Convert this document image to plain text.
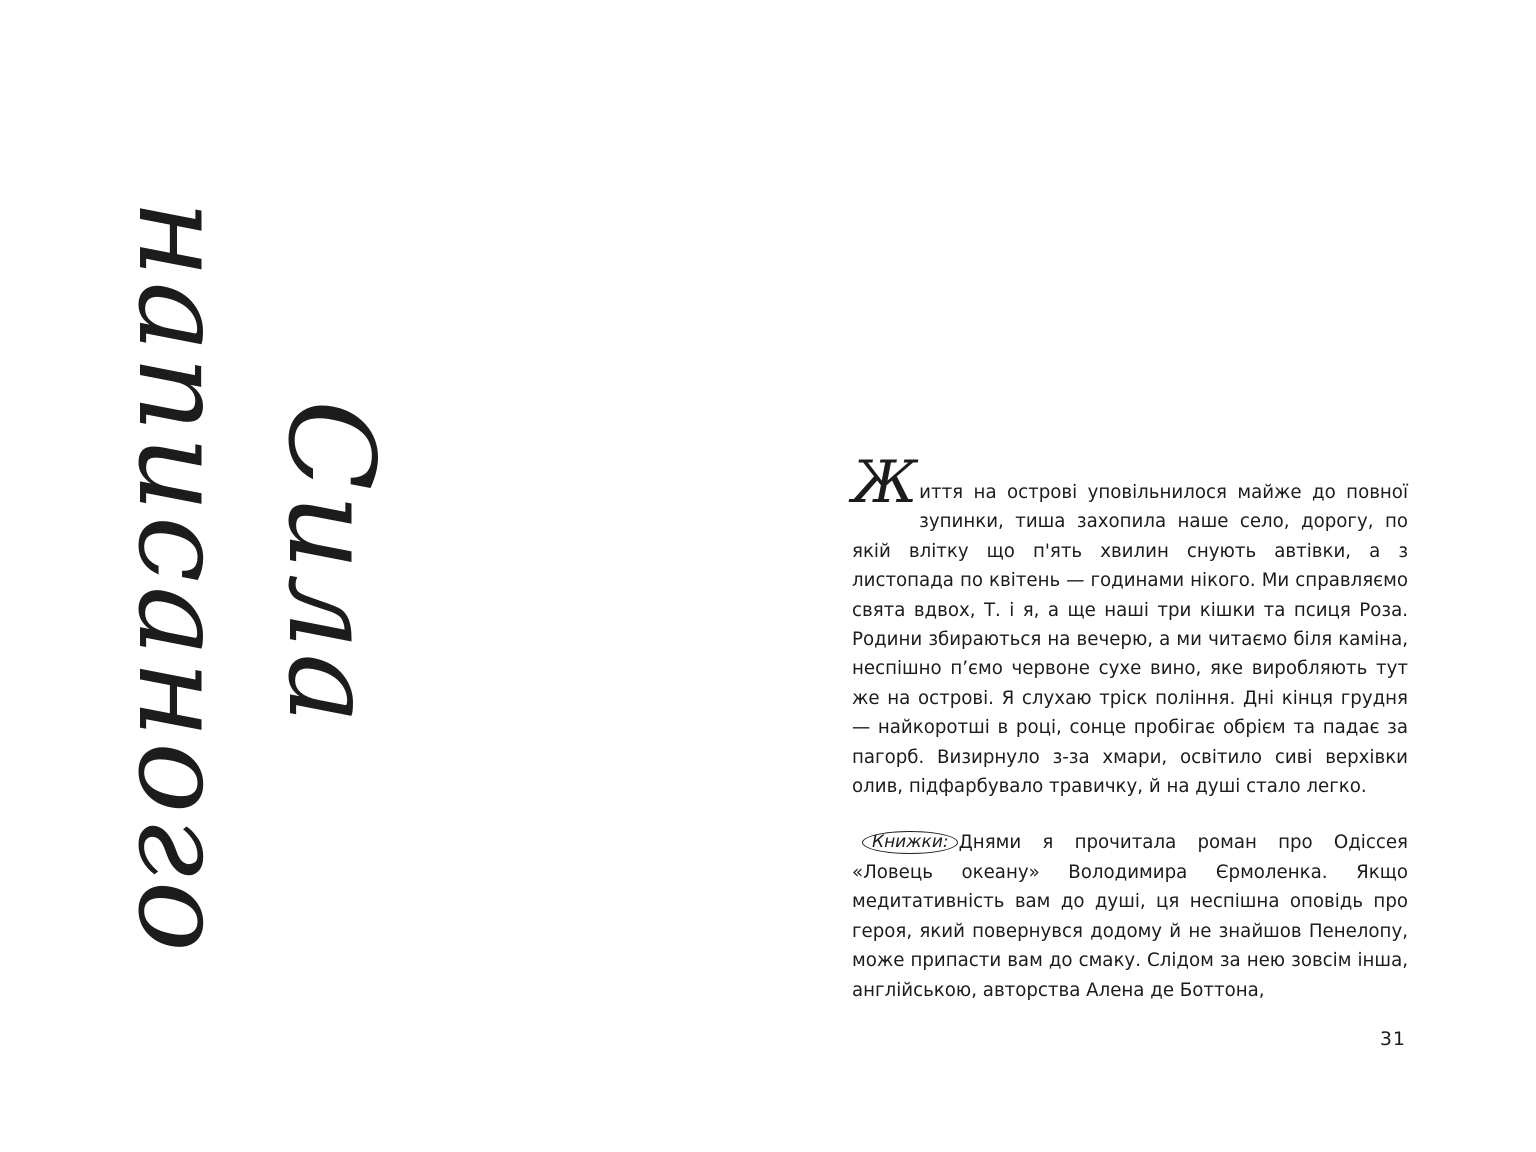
Сила
написаного	Ж иття на острові уповільнилося майже до повної зупинки, тиша захопила наше село, дорогу, по якій влітку що п'ять хвилин снують автівки, а з листопада по квітень — годинами нікого. Ми справляємо свята вдвох, Т. і я, а ще наші три кішки та псиця Роза. Родини збираються на вечерю, а ми читаємо біля каміна, неспішно п’ємо червоне сухе вино, яке виробляють тут же на острові. Я слухаю тріск поління. Дні кінця грудня — найкоротші в році, сонце пробігає обрієм та падає за пагорб. Визирнуло з-за хмари, освітило сиві верхівки олив, підфарбувало травичку, й на душі стало легко.

Книжки: Днями я прочитала роман про Одіссея «Ловець океану» Володимира Єрмоленка. Якщо медитативність вам до душі, ця неспішна оповідь про героя, який повернувся додому й не знайшов Пенелопу, може припасти вам до смаку. Слідом за нею зовсім інша, англійською, авторства Алена де Боттона,

31
